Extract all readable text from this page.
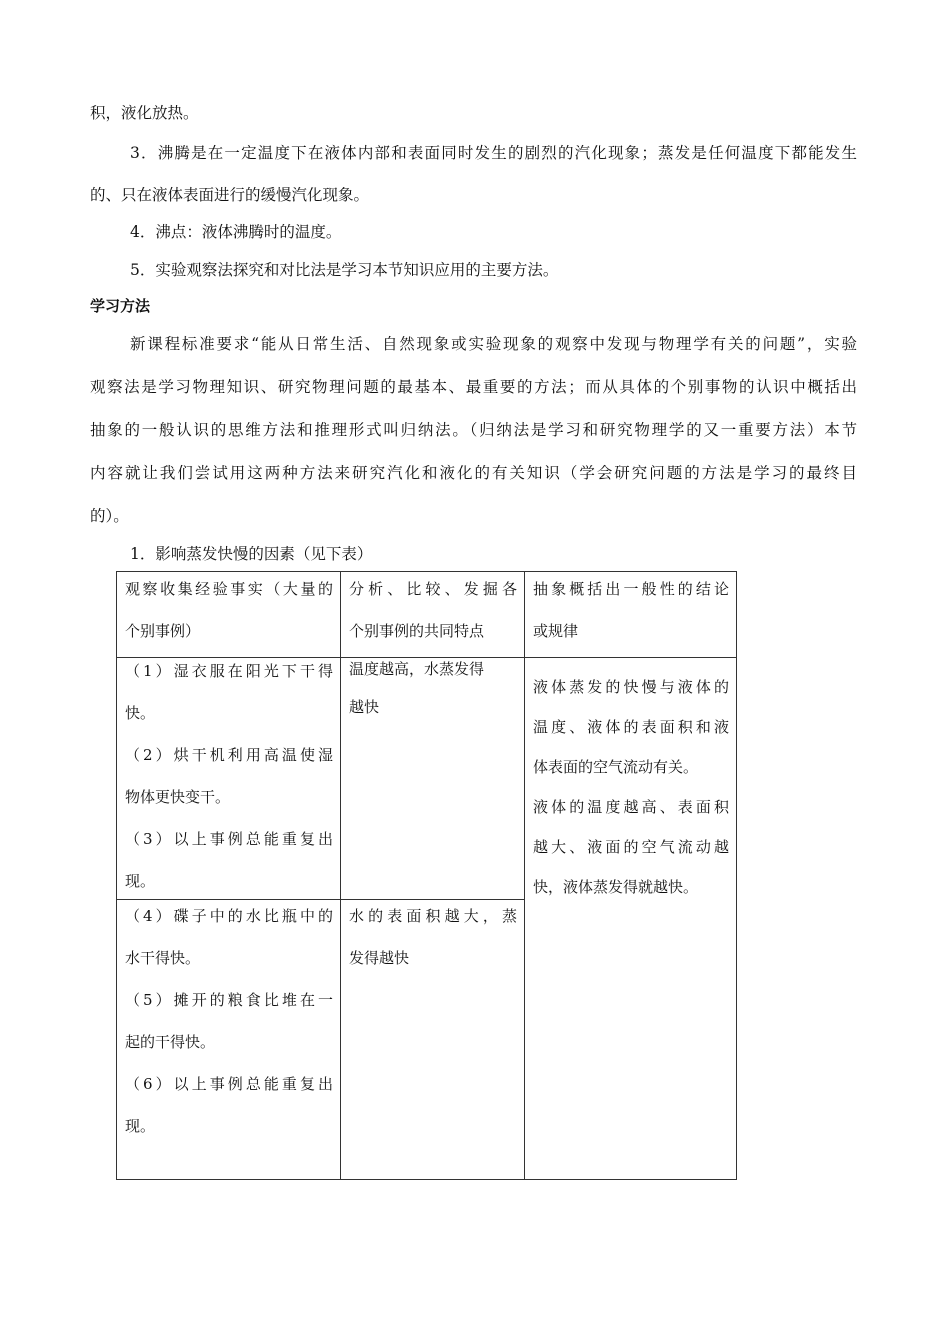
积，液化放热。
3．沸腾是在一定温度下在液体内部和表面同时发生的剧烈的汽化现象；蒸发是任何温度下都能发生
的、只在液体表面进行的缓慢汽化现象。
4．沸点：液体沸腾时的温度。
5．实验观察法探究和对比法是学习本节知识应用的主要方法。
学习方法
新课程标准要求“能从日常生活、自然现象或实验现象的观察中发现与物理学有关的问题”，实验
观察法是学习物理知识、研究物理问题的最基本、最重要的方法；而从具体的个别事物的认识中概括出
抽象的一般认识的思维方法和推理形式叫归纳法。（归纳法是学习和研究物理学的又一重要方法）本节
内容就让我们尝试用这两种方法来研究汽化和液化的有关知识（学会研究问题的方法是学习的最终目
的）。
1．影响蒸发快慢的因素（见下表）
观察收集经验事实（大量的
个别事例）
分析、比较、发掘各
个别事例的共同特点
抽象概括出一般性的结论
或规律
（1）湿衣服在阳光下干得
快。
（2）烘干机利用高温使湿
物体更快变干。
（3）以上事例总能重复出
现。
温度越高，水蒸发得
越快
（4）碟子中的水比瓶中的
水干得快。
（5）摊开的粮食比堆在一
起的干得快。
（6）以上事例总能重复出
现。
水的表面积越大，蒸
发得越快
液体蒸发的快慢与液体的
温度、液体的表面积和液
体表面的空气流动有关。
液体的温度越高、表面积
越大、液面的空气流动越
快，液体蒸发得就越快。
